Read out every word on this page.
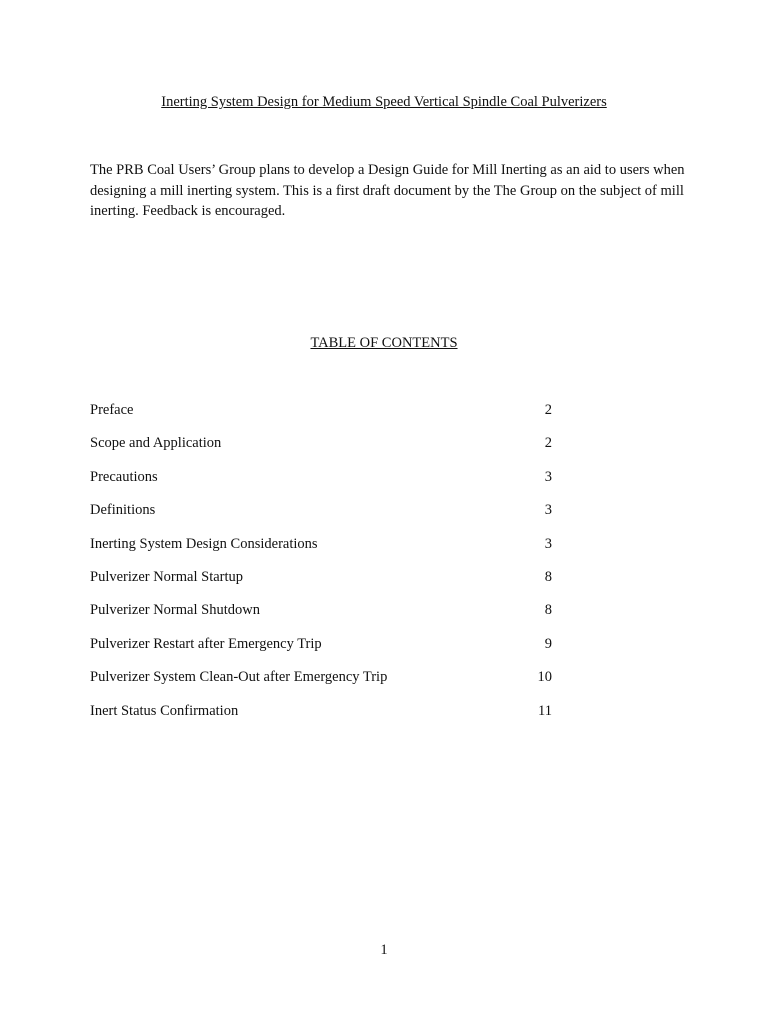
Inerting System Design for Medium Speed Vertical Spindle Coal Pulverizers

The PRB Coal Users’ Group plans to develop a Design Guide for Mill Inerting as an aid to users when designing a mill inerting system. This is a first draft document by the The Group on the subject of mill inerting. Feedback is encouraged.

TABLE OF CONTENTS
Preface	2
Scope and Application	2
Precautions	3
Definitions	3
Inerting System Design Considerations	3
Pulverizer Normal Startup	8
Pulverizer Normal Shutdown	8
Pulverizer Restart after Emergency Trip	9
Pulverizer System Clean-Out after Emergency Trip	10
Inert Status Confirmation	11
1
